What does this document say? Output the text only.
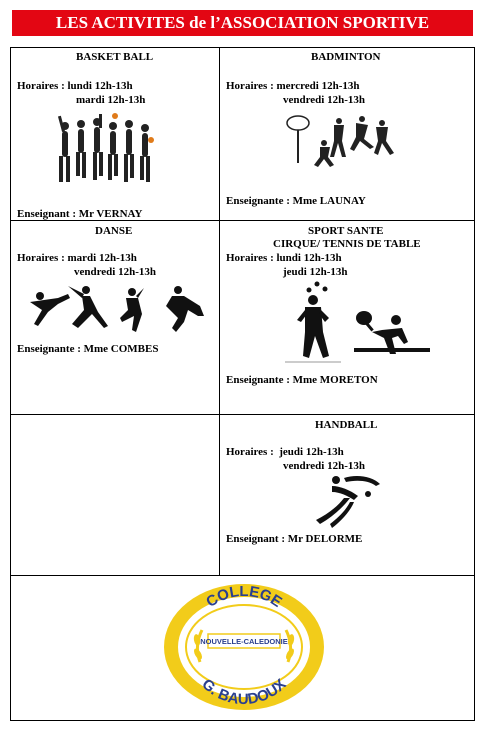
LES ACTIVITES de l’ASSOCIATION SPORTIVE
BASKET BALL
Horaires : lundi 12h-13h
mardi 12h-13h
Enseignant : Mr VERNAY
BADMINTON
Horaires : mercredi 12h-13h
vendredi 12h-13h
Enseignante : Mme LAUNAY
DANSE
Horaires : mardi 12h-13h
vendredi 12h-13h
Enseignante : Mme COMBES
SPORT SANTE
CIRQUE/ TENNIS DE TABLE
Horaires : lundi 12h-13h
jeudi 12h-13h
Enseignante : Mme MORETON
HANDBALL
Horaires :  jeudi 12h-13h
vendredi 12h-13h
Enseignant : Mr DELORME
COLLEGE
NOUVELLE-CALEDONIE
G. BAUDOUX
